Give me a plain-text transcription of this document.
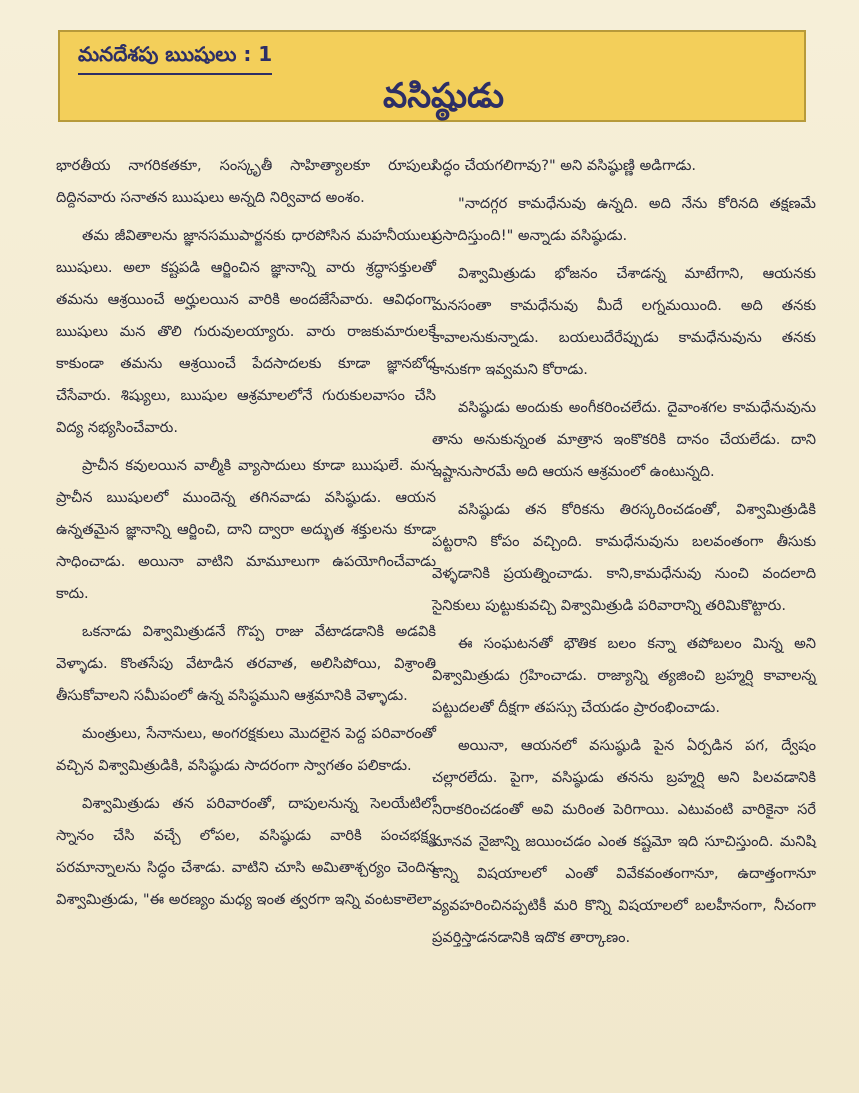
మనదేశపు ఋషులు : 1
వసిష్ఠుడు

భారతీయ నాగరికతకూ, సంస్కృతీ సాహిత్యాలకూ రూపులు దిద్దినవారు సనాతన ఋషులు అన్నది నిర్వివాద అంశం.

తమ జీవితాలను జ్ఞానసముపార్జనకు ధారపోసిన మహనీయులు ఋషులు. అలా కష్టపడి ఆర్జించిన జ్ఞానాన్ని వారు శ్రద్ధాసక్తులతో తమను ఆశ్రయించే అర్హులయిన వారికి అందజేసేవారు. ఆవిధంగా ఋషులు మన తొలి గురువులయ్యారు. వారు రాజకుమారులకే కాకుండా తమను ఆశ్రయించే పేదసాదలకు కూడా జ్ఞానబోధ చేసేవారు. శిష్యులు, ఋషుల ఆశ్రమాలలోనే గురుకులవాసం చేసి విద్య నభ్యసించేవారు.

ప్రాచీన కవులయిన వాల్మీకి వ్యాసాదులు కూడా ఋషులే. మన ప్రాచీన ఋషులలో ముందెన్న తగినవాడు వసిష్ఠుడు. ఆయన ఉన్నతమైన జ్ఞానాన్ని ఆర్జించి, దాని ద్వారా అద్భుత శక్తులను కూడా సాధించాడు. అయినా వాటిని మామూలుగా ఉపయోగించేవాడు కాదు.

ఒకనాడు విశ్వామిత్రుడనే గొప్ప రాజు వేటాడడానికి అడవికి వెళ్ళాడు. కొంతసేపు వేటాడిన తరవాత, అలిసిపోయి, విశ్రాంతి తీసుకోవాలని సమీపంలో ఉన్న వసిష్ఠముని ఆశ్రమానికి వెళ్ళాడు.

మంత్రులు, సేనానులు, అంగరక్షకులు మొదలైన పెద్ద పరివారంతో వచ్చిన విశ్వామిత్రుడికి, వసిష్ఠుడు సాదరంగా స్వాగతం పలికాడు.

విశ్వామిత్రుడు తన పరివారంతో, దాపులనున్న సెలయేటిలో స్నానం చేసి వచ్చే లోపల, వసిష్ఠుడు వారికి పంచభక్ష్య పరమాన్నాలను సిద్ధం చేశాడు. వాటిని చూసి అమితాశ్చర్యం చెందిన విశ్వామిత్రుడు, "ఈ అరణ్యం మధ్య ఇంత త్వరగా ఇన్ని వంటకాలెలా

సిద్ధం చేయగలిగావు?" అని వసిష్ఠుణ్ణి అడిగాడు.

"నాదగ్గర కామధేనువు ఉన్నది. అది నేను కోరినది తక్షణమే ప్రసాదిస్తుంది!" అన్నాడు వసిష్ఠుడు.

విశ్వామిత్రుడు భోజనం చేశాడన్న మాటేగాని, ఆయనకు మనసంతా కామధేనువు మీదే లగ్నమయింది. అది తనకు కావాలనుకున్నాడు. బయలుదేరేప్పుడు కామధేనువును తనకు కానుకగా ఇవ్వమని కోరాడు.

వసిష్ఠుడు అందుకు అంగీకరించలేదు. దైవాంశగల కామధేనువును తాను అనుకున్నంత మాత్రాన ఇంకొకరికి దానం చేయలేడు. దాని ఇష్టానుసారమే అది ఆయన ఆశ్రమంలో ఉంటున్నది.

వసిష్ఠుడు తన కోరికను తిరస్కరించడంతో, విశ్వామిత్రుడికి పట్టరాని కోపం వచ్చింది. కామధేనువును బలవంతంగా తీసుకు వెళ్ళడానికి ప్రయత్నించాడు. కాని,కామధేనువు నుంచి వందలాది సైనికులు పుట్టుకువచ్చి విశ్వామిత్రుడి పరివారాన్ని తరిమికొట్టారు.

ఈ సంఘటనతో భౌతిక బలం కన్నా తపోబలం మిన్న అని విశ్వామిత్రుడు గ్రహించాడు. రాజ్యాన్ని త్యజించి బ్రహ్మర్షి కావాలన్న పట్టుదలతో దీక్షగా తపస్సు చేయడం ప్రారంభించాడు.

అయినా, ఆయనలో వసుష్ఠుడి పైన ఏర్పడిన పగ, ద్వేషం చల్లారలేదు. పైగా, వసిష్ఠుడు తనను బ్రహ్మర్షి అని పిలవడానికి నిరాకరించడంతో అవి మరింత పెరిగాయి. ఎటువంటి వారికైనా సరే మానవ నైజాన్ని జయించడం ఎంత కష్టమో ఇది సూచిస్తుంది. మనిషి కొన్ని విషయాలలో ఎంతో వివేకవంతంగానూ, ఉదాత్తంగానూ వ్యవహరించినప్పటికీ మరి కొన్ని విషయాలలో బలహీనంగా, నీచంగా ప్రవర్తిస్తాడనడానికి ఇదొక తార్కాణం.
